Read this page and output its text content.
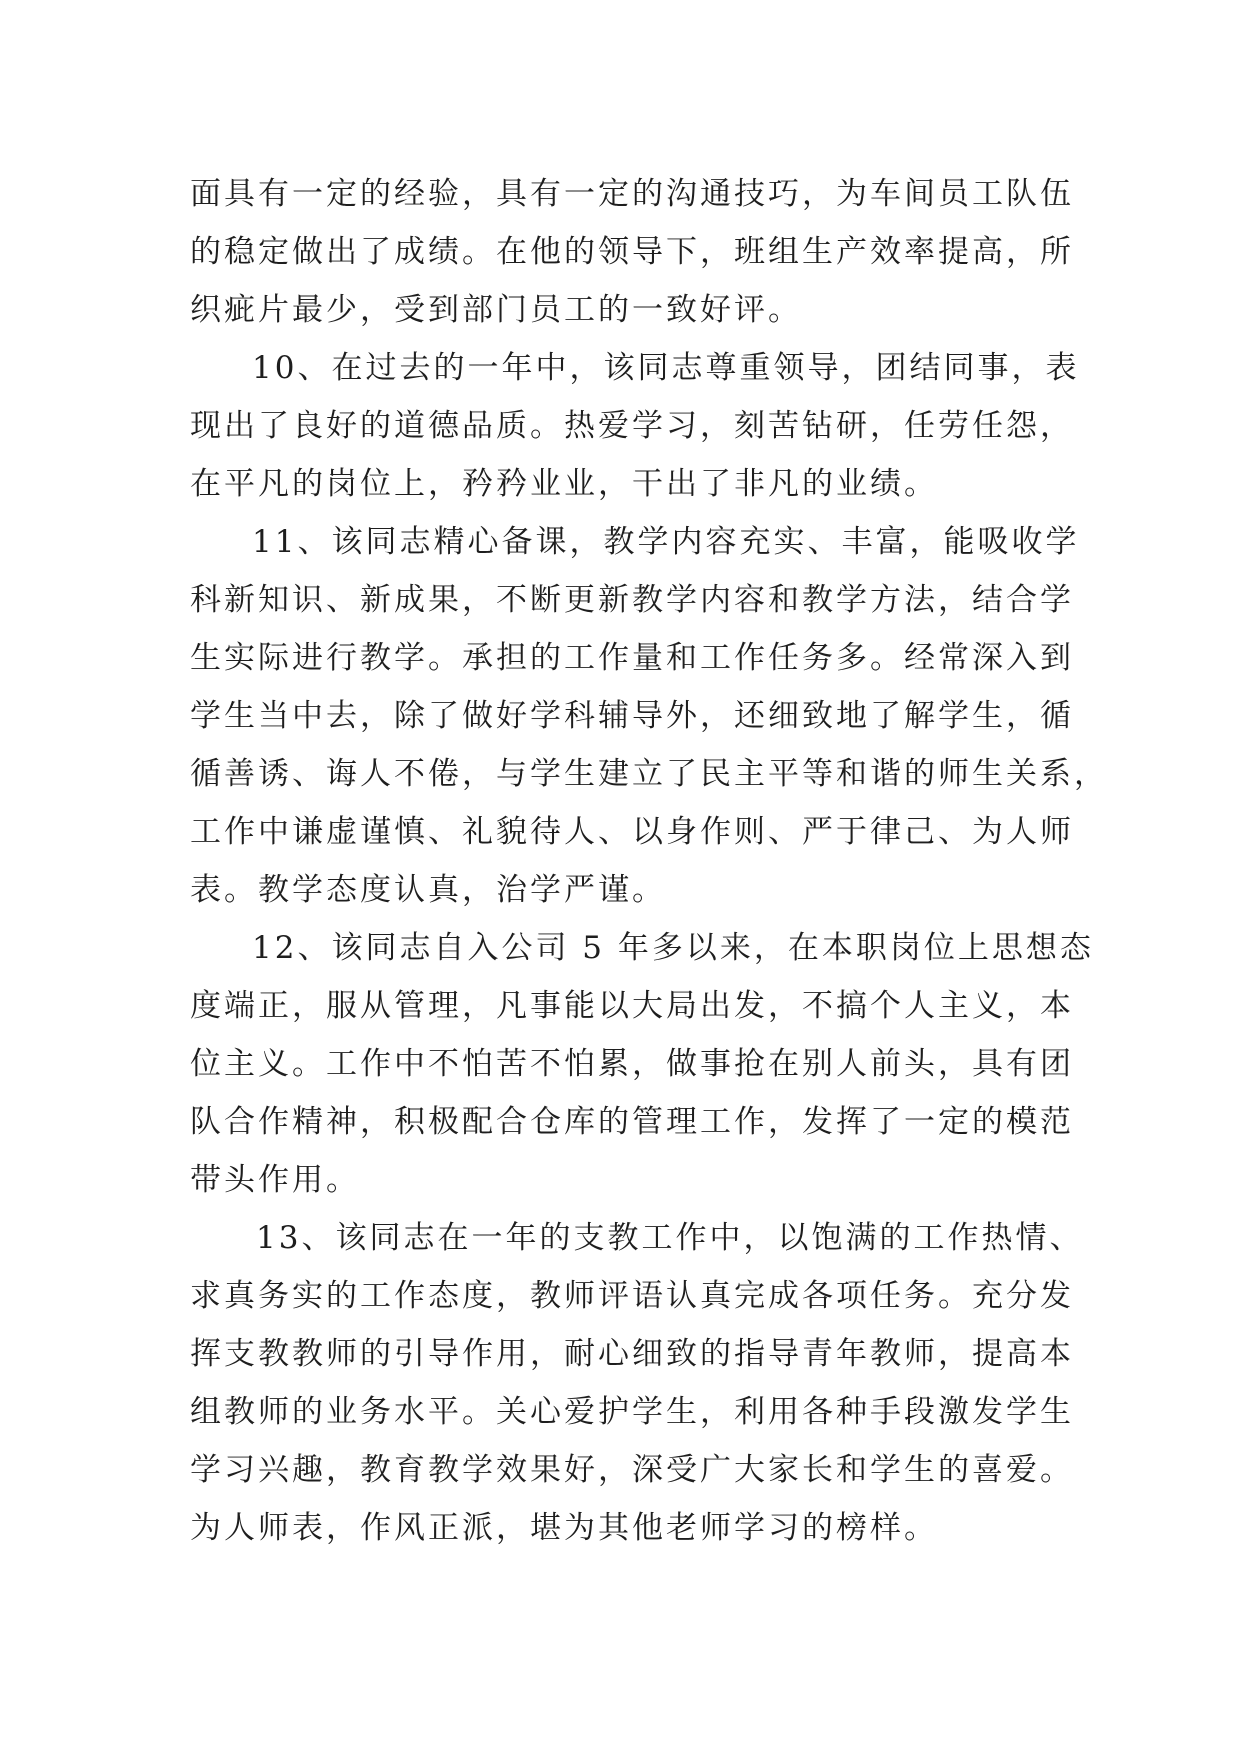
面具有一定的经验，具有一定的沟通技巧，为车间员工队伍
的稳定做出了成绩。在他的领导下，班组生产效率提高，所
织疵片最少，受到部门员工的一致好评。
10、在过去的一年中，该同志尊重领导，团结同事，表
现出了良好的道德品质。热爱学习，刻苦钻研，任劳任怨，
在平凡的岗位上，矜矜业业，干出了非凡的业绩。
11、该同志精心备课，教学内容充实、丰富，能吸收学
科新知识、新成果，不断更新教学内容和教学方法，结合学
生实际进行教学。承担的工作量和工作任务多。经常深入到
学生当中去，除了做好学科辅导外，还细致地了解学生，循
循善诱、诲人不倦，与学生建立了民主平等和谐的师生关系，
工作中谦虚谨慎、礼貌待人、以身作则、严于律己、为人师
表。教学态度认真，治学严谨。
12、该同志自入公司 5 年多以来，在本职岗位上思想态
度端正，服从管理，凡事能以大局出发，不搞个人主义，本
位主义。工作中不怕苦不怕累，做事抢在别人前头，具有团
队合作精神，积极配合仓库的管理工作，发挥了一定的模范
带头作用。
13、该同志在一年的支教工作中，以饱满的工作热情、
求真务实的工作态度，教师评语认真完成各项任务。充分发
挥支教教师的引导作用，耐心细致的指导青年教师，提高本
组教师的业务水平。关心爱护学生，利用各种手段激发学生
学习兴趣，教育教学效果好，深受广大家长和学生的喜爱。
为人师表，作风正派，堪为其他老师学习的榜样。
